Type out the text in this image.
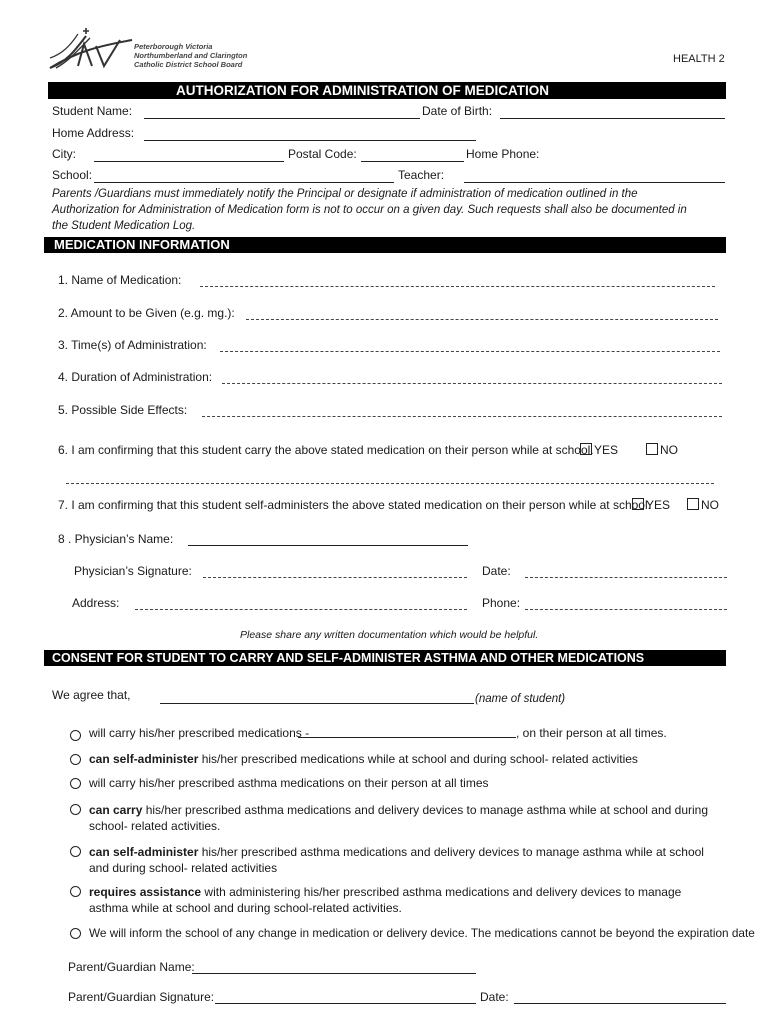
Peterborough Victoria
Northumberland and Clarington
Catholic District School Board	HEALTH 2
AUTHORIZATION FOR ADMINISTRATION OF MEDICATION
Student Name:	Date of Birth:
Home Address:
City:	Postal Code:	Home Phone:
School:	Teacher:
Parents /Guardians must immediately notify the Principal or designate if administration of medication outlined in the Authorization for Administration of Medication form is not to occur on a given day. Such requests shall also be documented in the Student Medication Log.
MEDICATION INFORMATION
1. Name of Medication:
2. Amount to be Given (e.g. mg.):
3. Time(s) of Administration:
4. Duration of Administration:
5. Possible Side Effects:
6. I am confirming that this student carry the above stated medication on their person while at school. YES	NO
7. I am confirming that this student self-administers the above stated medication on their person while at school.
YES	NO
8 . Physician’s Name:
Physician’s Signature:	Date:
Address:	Phone:
Please share any written documentation which would be helpful.
CONSENT FOR STUDENT TO CARRY AND SELF-ADMINISTER ASTHMA AND OTHER MEDICATIONS
We agree that,	(name of student)
will carry his/her prescribed medications -	, on their person at all times.
can self-administer his/her prescribed medications while at school and during school- related activities
will carry his/her prescribed asthma medications on their person at all times
can carry his/her prescribed asthma medications and delivery devices to manage asthma while at school and during school- related activities.
can self-administer his/her prescribed asthma medications and delivery devices to manage asthma while at school and during school- related activities
requires assistance with administering his/her prescribed asthma medications and delivery devices to manage asthma while at school and during school-related activities.
We will inform the school of any change in medication or delivery device. The medications cannot be beyond the expiration date
Parent/Guardian Name:
Parent/Guardian Signature:	Date:
